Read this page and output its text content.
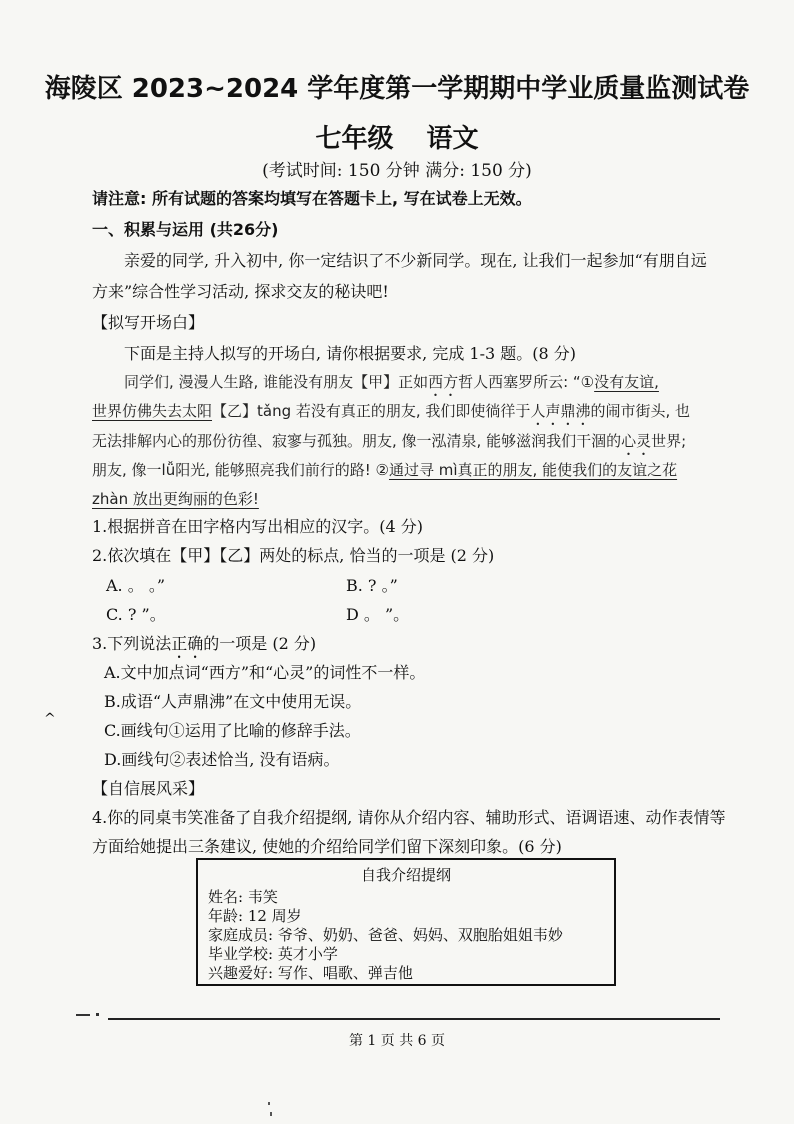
海陵区 2023~2024 学年度第一学期期中学业质量监测试卷
七年级 语文
(考试时间: 150 分钟 满分: 150 分)
请注意: 所有试题的答案均填写在答题卡上, 写在试卷上无效。
一、积累与运用 (共26分)
亲爱的同学, 升入初中, 你一定结识了不少新同学。现在, 让我们一起参加“有朋自远
方来”综合性学习活动, 探求交友的秘诀吧!
【拟写开场白】
下面是主持人拟写的开场白, 请你根据要求, 完成 1-3 题。(8 分)
同学们, 漫漫人生路, 谁能没有朋友【甲】正如西方哲人西塞罗所云: “①没有友谊,
世界仿佛失去太阳【乙】tǎng 若没有真正的朋友, 我们即使徜徉于人声鼎沸的闹市街头, 也
无法排解内心的那份彷徨、寂寥与孤独。朋友, 像一泓清泉, 能够滋润我们干涸的心灵世界;
朋友, 像一lǚ阳光, 能够照亮我们前行的路! ②通过寻 mì真正的朋友, 能使我们的友谊之花
zhàn 放出更绚丽的色彩!
1.根据拼音在田字格内写出相应的汉字。(4 分)
2.依次填在【甲】【乙】两处的标点, 恰当的一项是 (2 分)
A. 。 。”	B. ? 。”
C. ? ”。	D 。 ”。
3.下列说法正确的一项是 (2 分)
A.文中加点词“西方”和“心灵”的词性不一样。
B.成语“人声鼎沸”在文中使用无误。
C.画线句①运用了比喻的修辞手法。
D.画线句②表述恰当, 没有语病。
【自信展风采】
4.你的同桌韦笑准备了自我介绍提纲, 请你从介绍内容、辅助形式、语调语速、动作表情等
方面给她提出三条建议, 使她的介绍给同学们留下深刻印象。(6 分)
自我介绍提纲
姓名: 韦笑
年龄: 12 周岁
家庭成员: 爷爷、奶奶、爸爸、妈妈、双胞胎姐姐韦妙
毕业学校: 英才小学
兴趣爱好: 写作、唱歌、弹吉他
^
第 1 页 共 6 页
